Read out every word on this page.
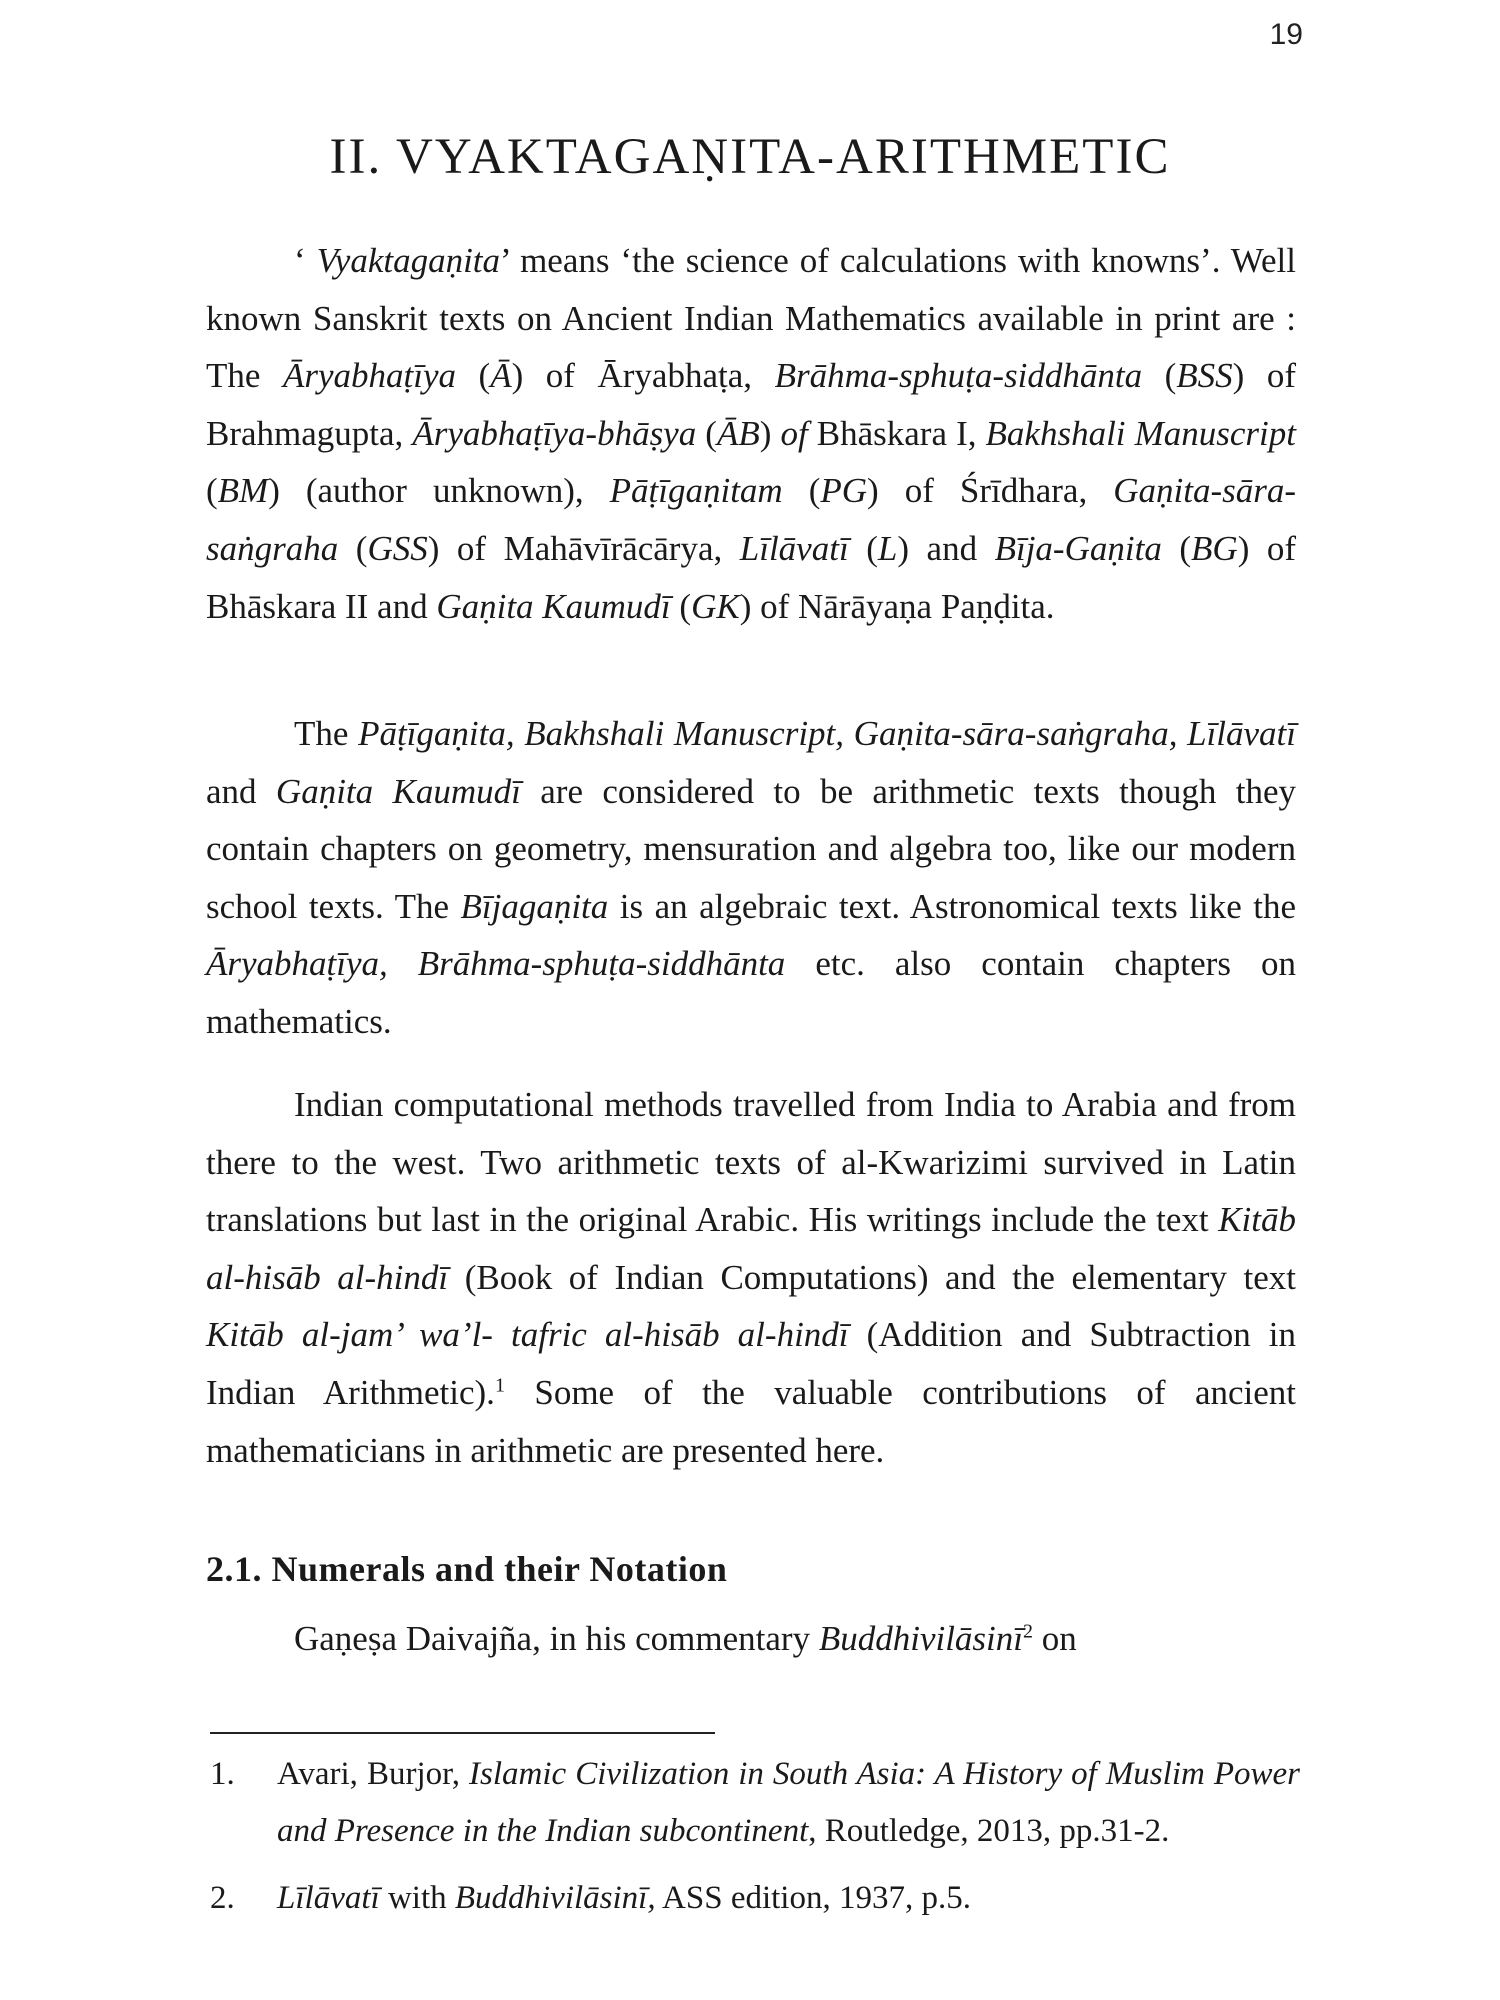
19
II. VYAKTAGAṆITA-ARITHMETIC

‘ Vyaktagaṇita’ means ‘the science of calculations with knowns’. Well known Sanskrit texts on Ancient Indian Mathematics available in print are : The Āryabhaṭīya (Ā) of Āryabhaṭa, Brāhma-sphuṭa-siddhānta (BSS) of Brahmagupta, Āryabhaṭīya-bhāṣya (ĀB) of Bhāskara I, Bakhshali Manuscript (BM) (author unknown), Pāṭīgaṇitam (PG) of Śrīdhara, Gaṇita-sāra-saṅgraha (GSS) of Mahāvīrācārya, Līlāvatī (L) and Bīja-Gaṇita (BG) of Bhāskara II and Gaṇita Kaumudī (GK) of Nārāyaṇa Paṇḍita.

The Pāṭīgaṇita, Bakhshali Manuscript, Gaṇita-sāra-saṅgraha, Līlāvatī and Gaṇita Kaumudī are considered to be arithmetic texts though they contain chapters on geometry, mensuration and algebra too, like our modern school texts. The Bījagaṇita is an algebraic text. Astronomical texts like the Āryabhaṭīya, Brāhma-sphuṭa-siddhānta etc. also contain chapters on mathematics.

Indian computational methods travelled from India to Arabia and from there to the west. Two arithmetic texts of al-Kwarizimi survived in Latin translations but last in the original Arabic. His writings include the text Kitāb al-hisāb al-hindī (Book of Indian Computations) and the elementary text Kitāb al-jam’ wa’l- tafric al-hisāb al-hindī (Addition and Subtraction in Indian Arithmetic).$^1$ Some of the valuable contributions of ancient mathematicians in arithmetic are presented here.

2.1. Numerals and their Notation

Gaṇeṣa Daivajña, in his commentary Buddhivilāsinī$^2$ on

1. Avari, Burjor, Islamic Civilization in South Asia: A History of Muslim Power and Presence in the Indian subcontinent, Routledge, 2013, pp.31-2.
2. Līlāvatī with Buddhivilāsinī, ASS edition, 1937, p.5.
